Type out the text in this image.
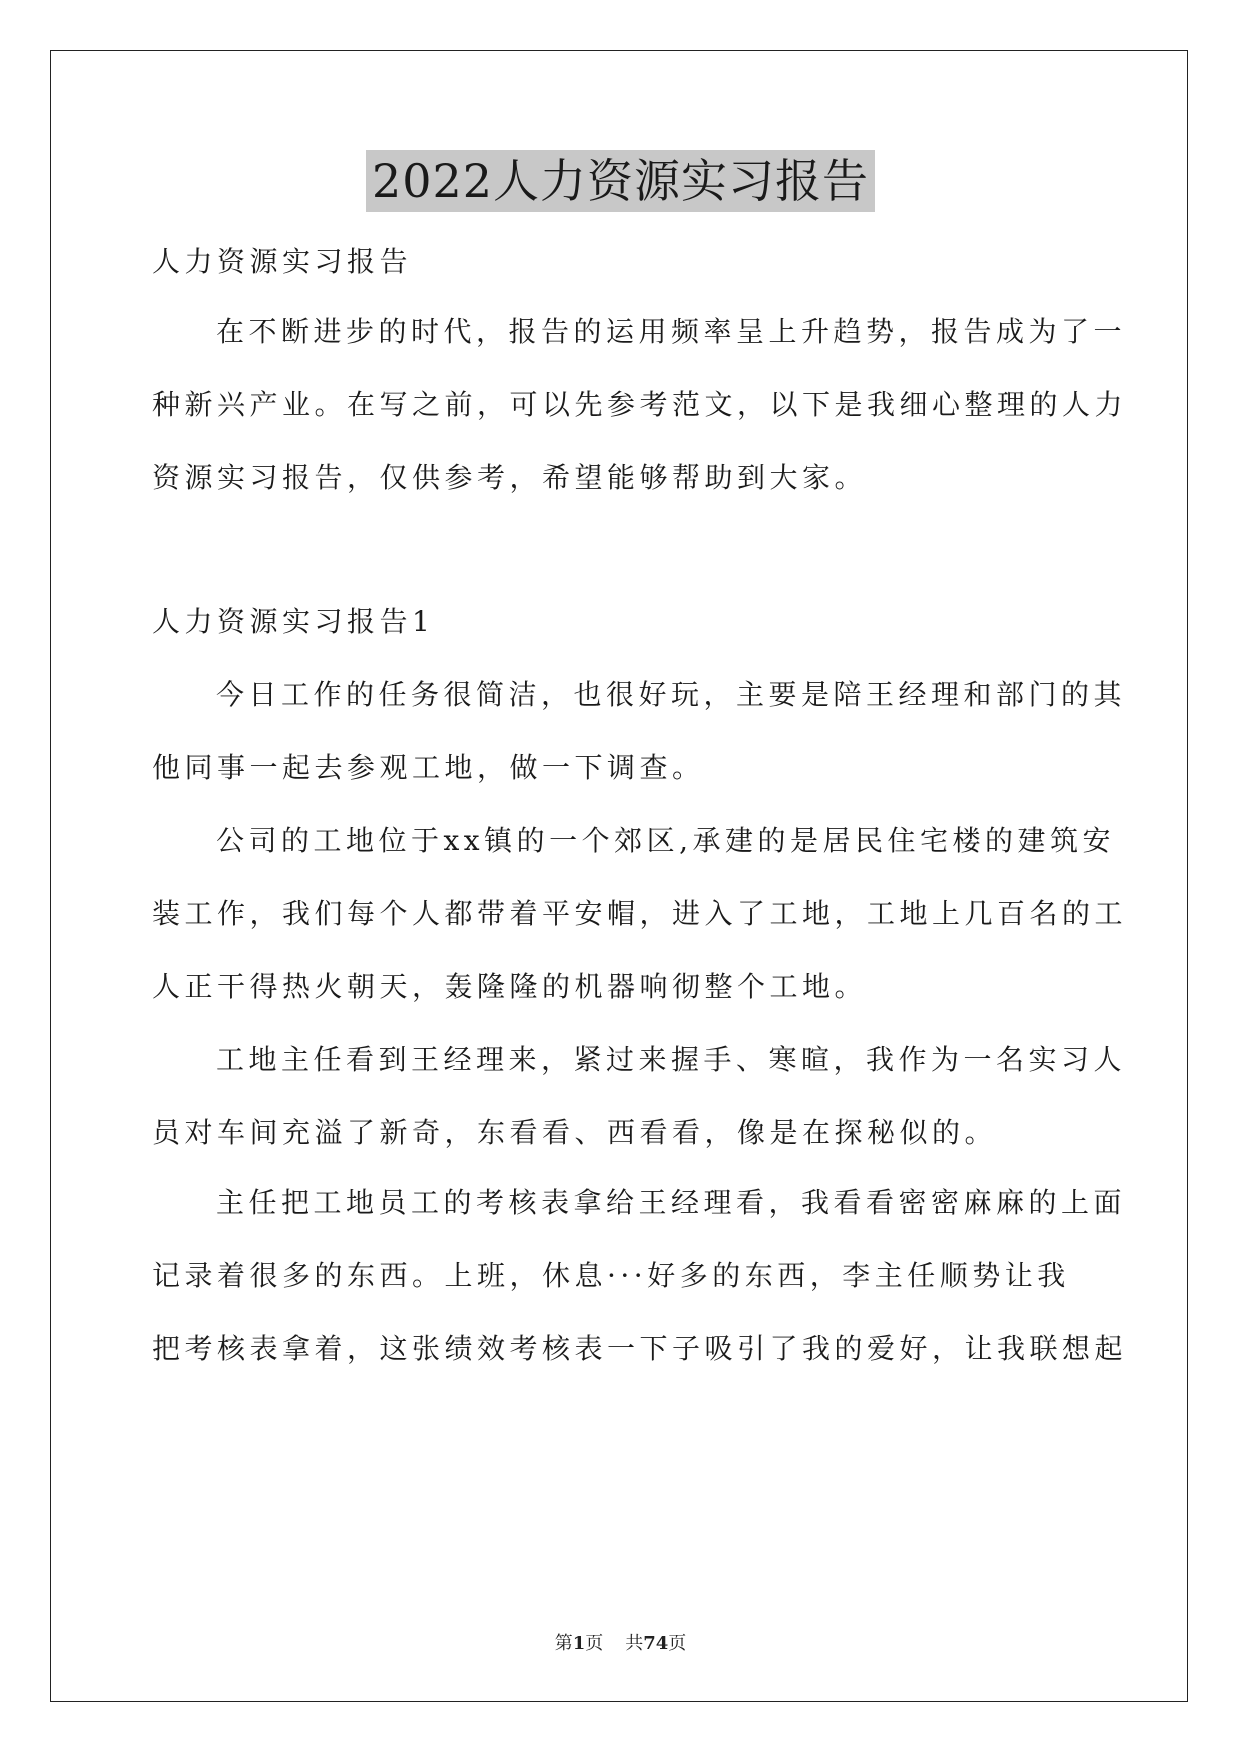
2022人力资源实习报告
人力资源实习报告
在不断进步的时代，报告的运用频率呈上升趋势，报告成为了一
种新兴产业。在写之前，可以先参考范文，以下是我细心整理的人力
资源实习报告，仅供参考，希望能够帮助到大家。
人力资源实习报告1
今日工作的任务很简洁，也很好玩，主要是陪王经理和部门的其
他同事一起去参观工地，做一下调查。
公司的工地位于xx镇的一个郊区,承建的是居民住宅楼的建筑安
装工作，我们每个人都带着平安帽，进入了工地，工地上几百名的工
人正干得热火朝天，轰隆隆的机器响彻整个工地。
工地主任看到王经理来，紧过来握手、寒暄，我作为一名实习人
员对车间充溢了新奇，东看看、西看看，像是在探秘似的。
主任把工地员工的考核表拿给王经理看，我看看密密麻麻的上面
记录着很多的东西。上班，休息···好多的东西，李主任顺势让我
把考核表拿着，这张绩效考核表一下子吸引了我的爱好，让我联想起
第1页 共74页
